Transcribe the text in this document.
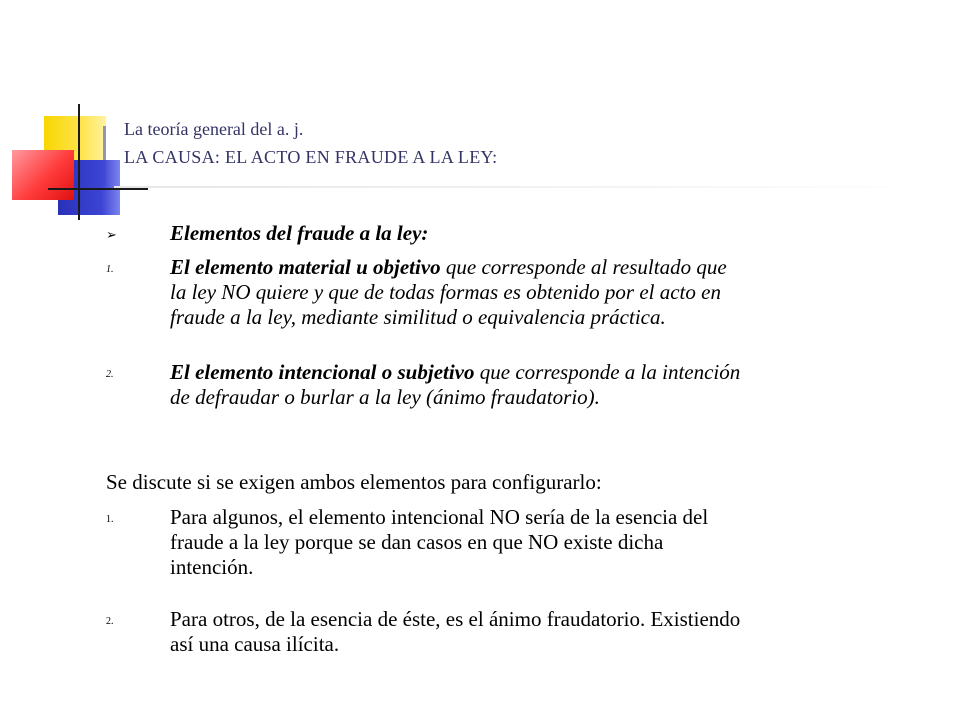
La teoría general del a. j.
LA CAUSA: EL ACTO EN FRAUDE A LA LEY:
➢	Elementos del fraude a la ley:
1.	El elemento material u objetivo que corresponde al resultado que
la ley NO quiere y que de todas formas es obtenido por el acto en
fraude a la ley, mediante similitud o equivalencia práctica.
2.	El elemento intencional o subjetivo que corresponde a la intención
de defraudar o burlar a la ley (ánimo fraudatorio).
Se discute si se exigen ambos elementos para configurarlo:
1.	Para algunos, el elemento intencional NO sería de la esencia del
fraude a la ley porque se dan casos en que NO existe dicha
intención.
2.	Para otros, de la esencia de éste, es el ánimo fraudatorio. Existiendo
así una causa ilícita.
